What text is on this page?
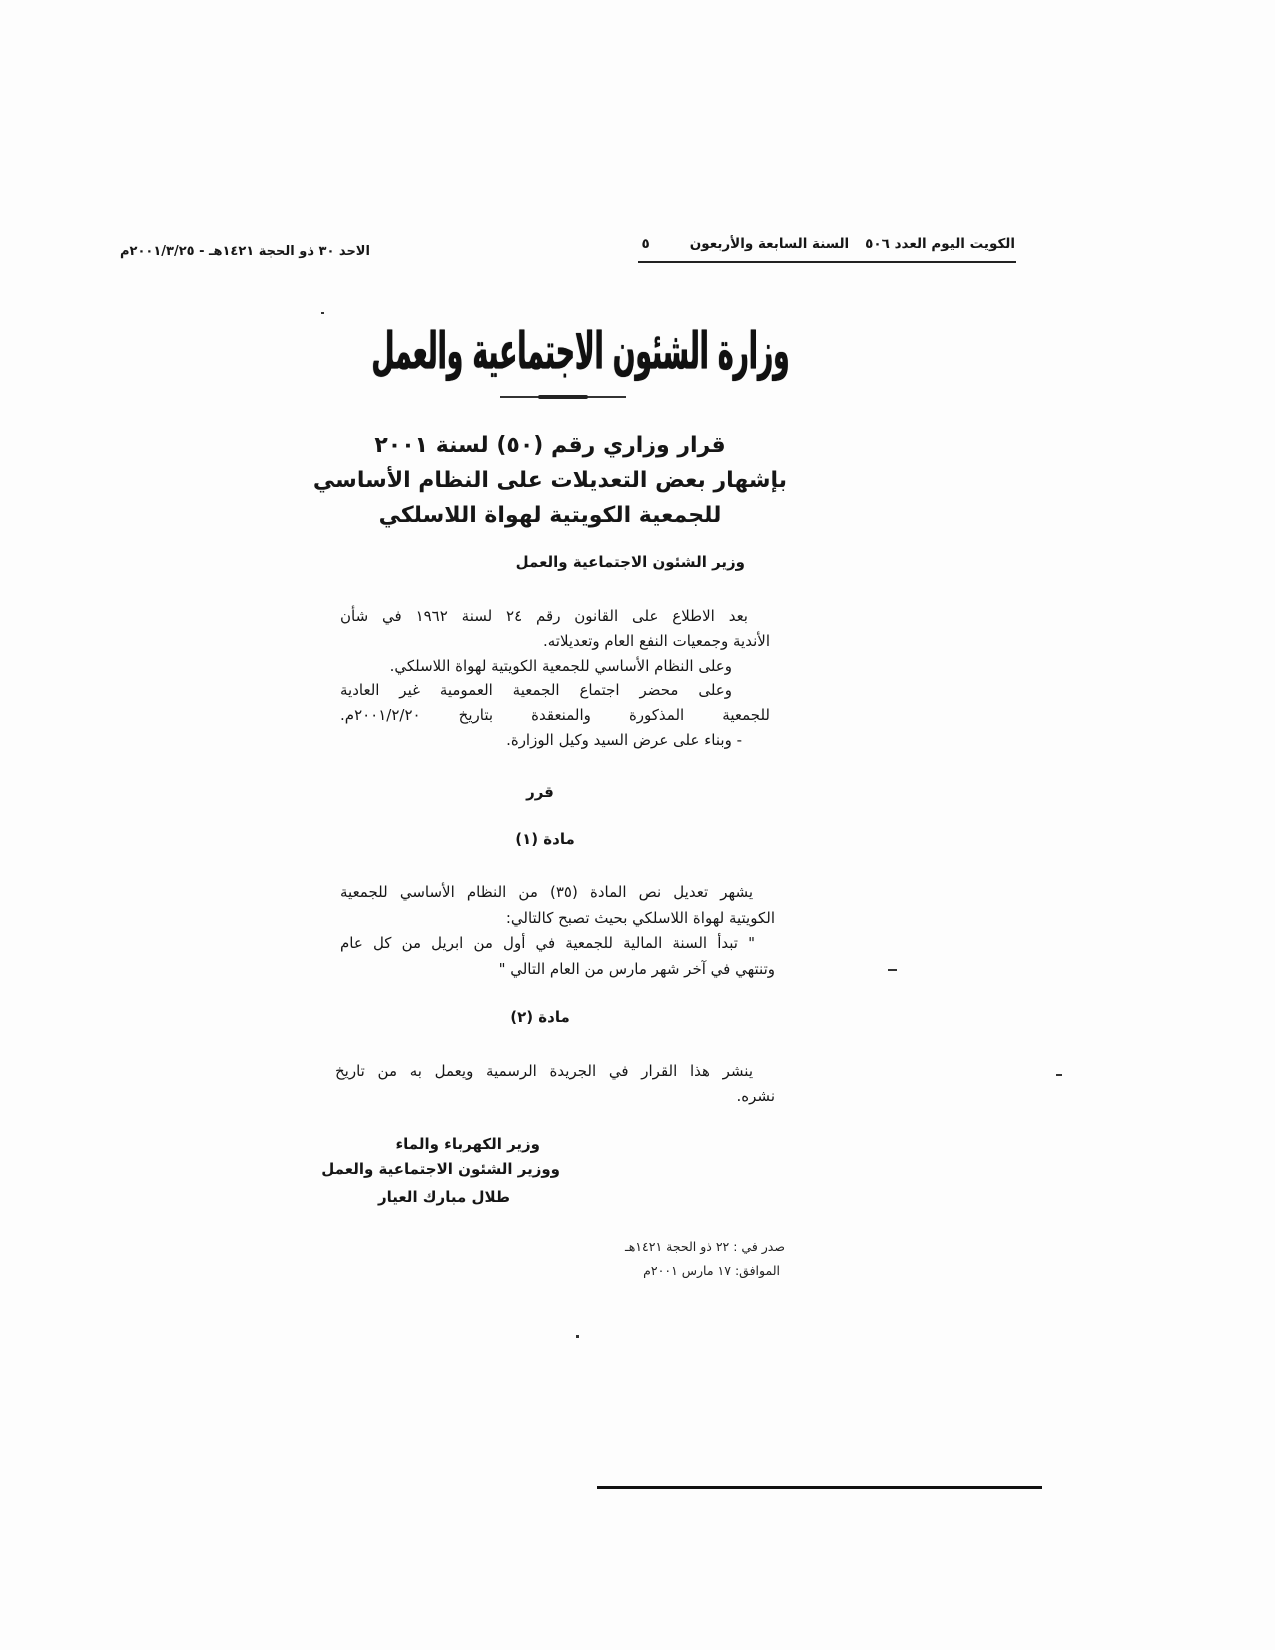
الكويت اليوم العدد ٥٠٦
السنة السابعة والأربعون
٥
الاحد ٣٠ ذو الحجة ١٤٢١هـ - ٢٠٠١/٣/٢٥م
وزارة الشئون الاجتماعية والعمل
قرار وزاري رقم (٥٠) لسنة ٢٠٠١
بإشهار بعض التعديلات على النظام الأساسي
للجمعية الكويتية لهواة اللاسلكي
وزير الشئون الاجتماعية والعمل
بعد الاطلاع على القانون رقم ٢٤ لسنة ١٩٦٢ في شأن
الأندية وجمعيات النفع العام وتعديلاته.
وعلى النظام الأساسي للجمعية الكويتية لهواة اللاسلكي.
وعلى محضر اجتماع الجمعية العمومية غير العادية
للجمعية المذكورة والمنعقدة بتاريخ ٢٠٠١/٢/٢٠م.
- وبناء على عرض السيد وكيل الوزارة.
قرر
مادة (١)
يشهر تعديل نص المادة (٣٥) من النظام الأساسي للجمعية
الكويتية لهواة اللاسلكي بحيث تصبح كالتالي:
" تبدأ السنة المالية للجمعية في أول من ابريل من كل عام
وتنتهي في آخر شهر مارس من العام التالي "
مادة (٢)
ينشر هذا القرار في الجريدة الرسمية ويعمل به من تاريخ
نشره.
وزير الكهرباء والماء
ووزير الشئون الاجتماعية والعمل
طلال مبارك العيار
صدر في : ٢٢ ذو الحجة ١٤٢١هـ
الموافق: ١٧ مارس ٢٠٠١م
